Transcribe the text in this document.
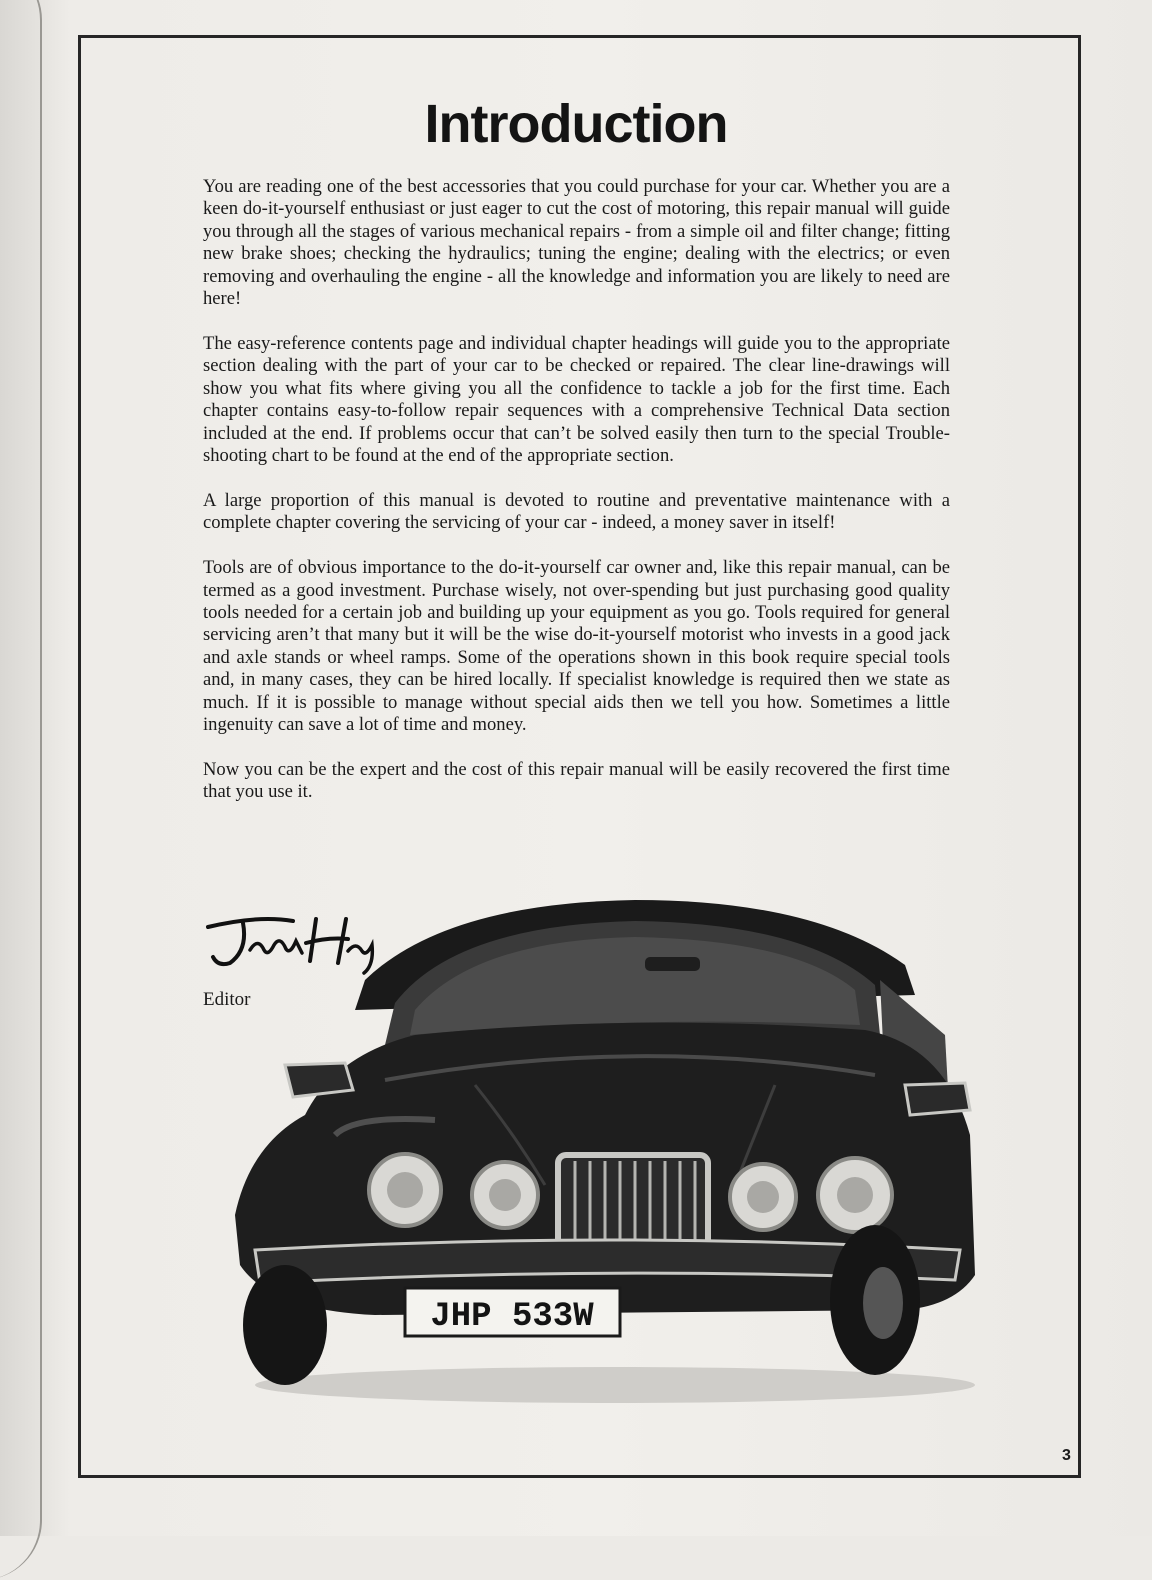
Introduction

You are reading one of the best accessories that you could purchase for your car. Whether you are a keen do-it-yourself enthusiast or just eager to cut the cost of motoring, this repair manual will guide you through all the stages of various mechanical repairs - from a simple oil and filter change; fitting new brake shoes; checking the hydraulics; tuning the engine; dealing with the electrics; or even removing and overhauling the engine - all the knowledge and information you are likely to need are here!

The easy-reference contents page and individual chapter headings will guide you to the appropriate section dealing with the part of your car to be checked or repaired. The clear line-drawings will show you what fits where giving you all the confidence to tackle a job for the first time. Each chapter contains easy-to-follow repair sequences with a comprehensive Technical Data section included at the end. If problems occur that can’t be solved easily then turn to the special Trouble-shooting chart to be found at the end of the appropriate section.

A large proportion of this manual is devoted to routine and preventative maintenance with a complete chapter covering the servicing of your car - indeed, a money saver in itself!

Tools are of obvious importance to the do-it-yourself car owner and, like this repair manual, can be termed as a good investment. Purchase wisely, not over-spending but just purchasing good quality tools needed for a certain job and building up your equipment as you go. Tools required for general servicing aren’t that many but it will be the wise do-it-yourself motorist who invests in a good jack and axle stands or wheel ramps. Some of the operations shown in this book require special tools and, in many cases, they can be hired locally. If specialist knowledge is required then we state as much. If it is possible to manage without special aids then we tell you how. Sometimes a little ingenuity can save a lot of time and money.

Now you can be the expert and the cost of this repair manual will be easily recovered the first time that you use it.

JHP 533W
Editor
3
